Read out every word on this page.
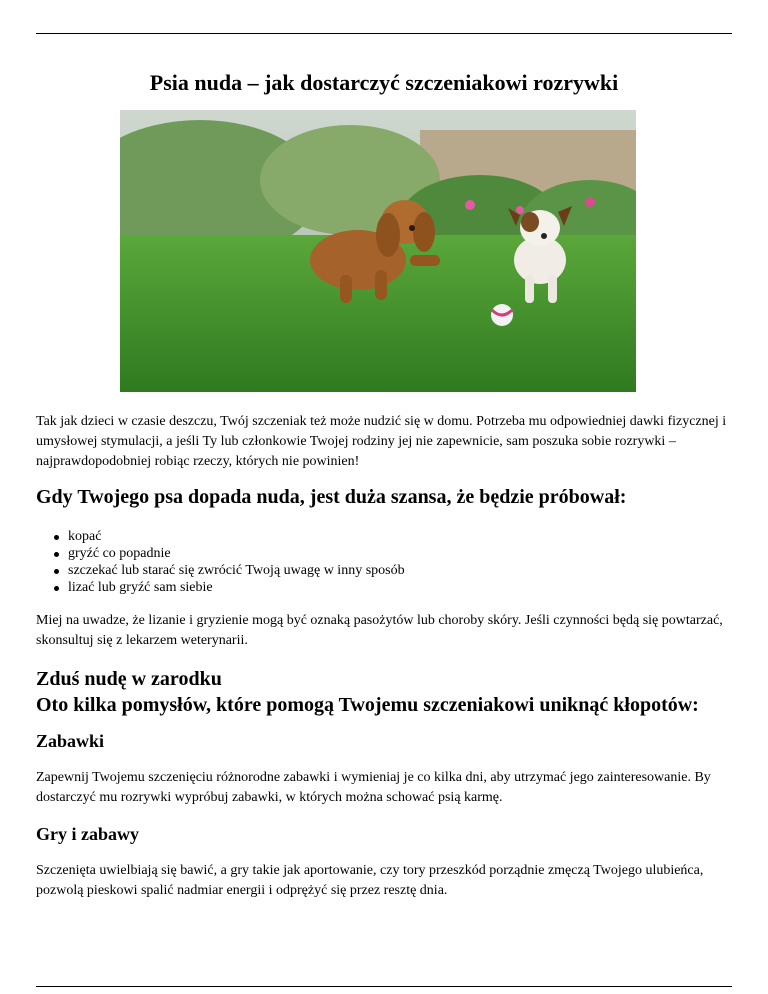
Psia nuda – jak dostarczyć szczeniakowi rozrywki

Tak jak dzieci w czasie deszczu, Twój szczeniak też może nudzić się w domu. Potrzeba mu odpowiedniej dawki fizycznej i umysłowej stymulacji, a jeśli Ty lub członkowie Twojej rodziny jej nie zapewnicie, sam poszuka sobie rozrywki – najprawdopodobniej robiąc rzeczy, których nie powinien!

Gdy Twojego psa dopada nuda, jest duża szansa, że będzie próbował:
kopać
gryźć co popadnie
szczekać lub starać się zwrócić Twoją uwagę w inny sposób
lizać lub gryźć sam siebie

Miej na uwadze, że lizanie i gryzienie mogą być oznaką pasożytów lub choroby skóry. Jeśli czynności będą się powtarzać, skonsultuj się z lekarzem weterynarii.

Zduś nudę w zarodku
Oto kilka pomysłów, które pomogą Twojemu szczeniakowi uniknąć kłopotów:
Zabawki

Zapewnij Twojemu szczenięciu różnorodne zabawki i wymieniaj je co kilka dni, aby utrzymać jego zainteresowanie. By dostarczyć mu rozrywki wypróbuj zabawki, w których można schować psią karmę.

Gry i zabawy

Szczenięta uwielbiają się bawić, a gry takie jak aportowanie, czy tory przeszkód porządnie zmęczą Twojego ulubieńca, pozwolą pieskowi spalić nadmiar energii i odprężyć się przez resztę dnia.
